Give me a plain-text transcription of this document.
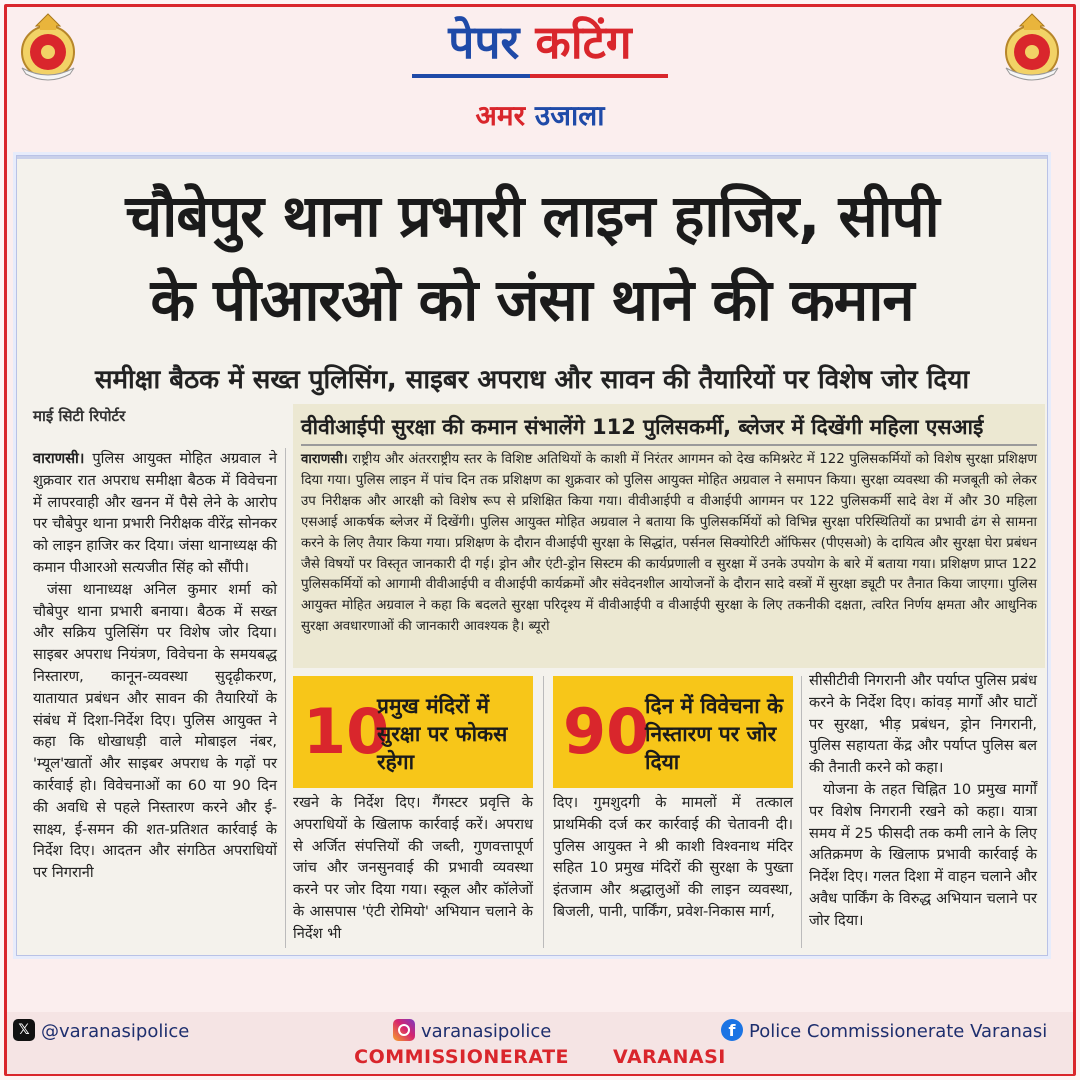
पेपर कटिंग
अमर उजाला
चौबेपुर थाना प्रभारी लाइन हाजिर, सीपी
के पीआरओ को जंसा थाने की कमान
समीक्षा बैठक में सख्त पुलिसिंग, साइबर अपराध और सावन की तैयारियों पर विशेष जोर दिया
माई सिटी रिपोर्टर

वाराणसी। पुलिस आयुक्त मोहित अग्रवाल ने शुक्रवार रात अपराध समीक्षा बैठक में विवेचना में लापरवाही और खनन में पैसे लेने के आरोप पर चौबेपुर थाना प्रभारी निरीक्षक वीरेंद्र सोनकर को लाइन हाजिर कर दिया। जंसा थानाध्यक्ष की कमान पीआरओ सत्यजीत सिंह को सौंपी।

जंसा थानाध्यक्ष अनिल कुमार शर्मा को चौबेपुर थाना प्रभारी बनाया। बैठक में सख्त और सक्रिय पुलिसिंग पर विशेष जोर दिया। साइबर अपराध नियंत्रण, विवेचना के समयबद्ध निस्तारण, कानून-व्यवस्था सुदृढ़ीकरण, यातायात प्रबंधन और सावन की तैयारियों के संबंध में दिशा-निर्देश दिए। पुलिस आयुक्त ने कहा कि धोखाधड़ी वाले मोबाइल नंबर, 'म्यूल'खातों और साइबर अपराध के गढ़ों पर कार्रवाई हो। विवेचनाओं का 60 या 90 दिन की अवधि से पहले निस्तारण करने और ई-साक्ष्य, ई-समन की शत-प्रतिशत कार्रवाई के निर्देश दिए। आदतन और संगठित अपराधियों पर निगरानी

वीवीआईपी सुरक्षा की कमान संभालेंगे 112 पुलिसकर्मी, ब्लेजर में दिखेंगी महिला एसआई
वाराणसी। राष्ट्रीय और अंतरराष्ट्रीय स्तर के विशिष्ट अतिथियों के काशी में निरंतर आगमन को देख कमिश्नरेट में 122 पुलिसकर्मियों को विशेष सुरक्षा प्रशिक्षण दिया गया। पुलिस लाइन में पांच दिन तक प्रशिक्षण का शुक्रवार को पुलिस आयुक्त मोहित अग्रवाल ने समापन किया। सुरक्षा व्यवस्था की मजबूती को लेकर उप निरीक्षक और आरक्षी को विशेष रूप से प्रशिक्षित किया गया। वीवीआईपी व वीआईपी आगमन पर 122 पुलिसकर्मी सादे वेश में और 30 महिला एसआई आकर्षक ब्लेजर में दिखेंगी। पुलिस आयुक्त मोहित अग्रवाल ने बताया कि पुलिसकर्मियों को विभिन्न सुरक्षा परिस्थितियों का प्रभावी ढंग से सामना करने के लिए तैयार किया गया। प्रशिक्षण के दौरान वीआईपी सुरक्षा के सिद्धांत, पर्सनल सिक्योरिटी ऑफिसर (पीएसओ) के दायित्व और सुरक्षा घेरा प्रबंधन जैसे विषयों पर विस्तृत जानकारी दी गई। ड्रोन और एंटी-ड्रोन सिस्टम की कार्यप्रणाली व सुरक्षा में उनके उपयोग के बारे में बताया गया। प्रशिक्षण प्राप्त 122 पुलिसकर्मियों को आगामी वीवीआईपी व वीआईपी कार्यक्रमों और संवेदनशील आयोजनों के दौरान सादे वस्त्रों में सुरक्षा ड्यूटी पर तैनात किया जाएगा। पुलिस आयुक्त मोहित अग्रवाल ने कहा कि बदलते सुरक्षा परिदृश्य में वीवीआईपी व वीआईपी सुरक्षा के लिए तकनीकी दक्षता, त्वरित निर्णय क्षमता और आधुनिक सुरक्षा अवधारणाओं की जानकारी आवश्यक है। ब्यूरो
10
प्रमुख मंदिरों में सुरक्षा पर फोकस रहेगा	90
दिन में विवेचना के निस्तारण पर जोर दिया
रखने के निर्देश दिए। गैंगस्टर प्रवृत्ति के अपराधियों के खिलाफ कार्रवाई करें। अपराध से अर्जित संपत्तियों की जब्ती, गुणवत्तापूर्ण जांच और जनसुनवाई की प्रभावी व्यवस्था करने पर जोर दिया गया। स्कूल और कॉलेजों के आसपास 'एंटी रोमियो' अभियान चलाने के निर्देश भी
दिए। गुमशुदगी के मामलों में तत्काल प्राथमिकी दर्ज कर कार्रवाई की चेतावनी दी। पुलिस आयुक्त ने श्री काशी विश्वनाथ मंदिर सहित 10 प्रमुख मंदिरों की सुरक्षा के पुख्ता इंतजाम और श्रद्धालुओं की लाइन व्यवस्था, बिजली, पानी, पार्किंग, प्रवेश-निकास मार्ग,

सीसीटीवी निगरानी और पर्याप्त पुलिस प्रबंध करने के निर्देश दिए। कांवड़ मार्गों और घाटों पर सुरक्षा, भीड़ प्रबंधन, ड्रोन निगरानी, पुलिस सहायता केंद्र और पर्याप्त पुलिस बल की तैनाती करने को कहा।

योजना के तहत चिह्नित 10 प्रमुख मार्गों पर विशेष निगरानी रखने को कहा। यात्रा समय में 25 फीसदी तक कमी लाने के लिए अतिक्रमण के खिलाफ प्रभावी कार्रवाई के निर्देश दिए। गलत दिशा में वाहन चलाने और अवैध पार्किंग के विरुद्ध अभियान चलाने पर जोर दिया।

𝕏 @varanasipolice	varanasipolice	f Police Commissionerate Varanasi
COMMISSIONERATE VARANASI
